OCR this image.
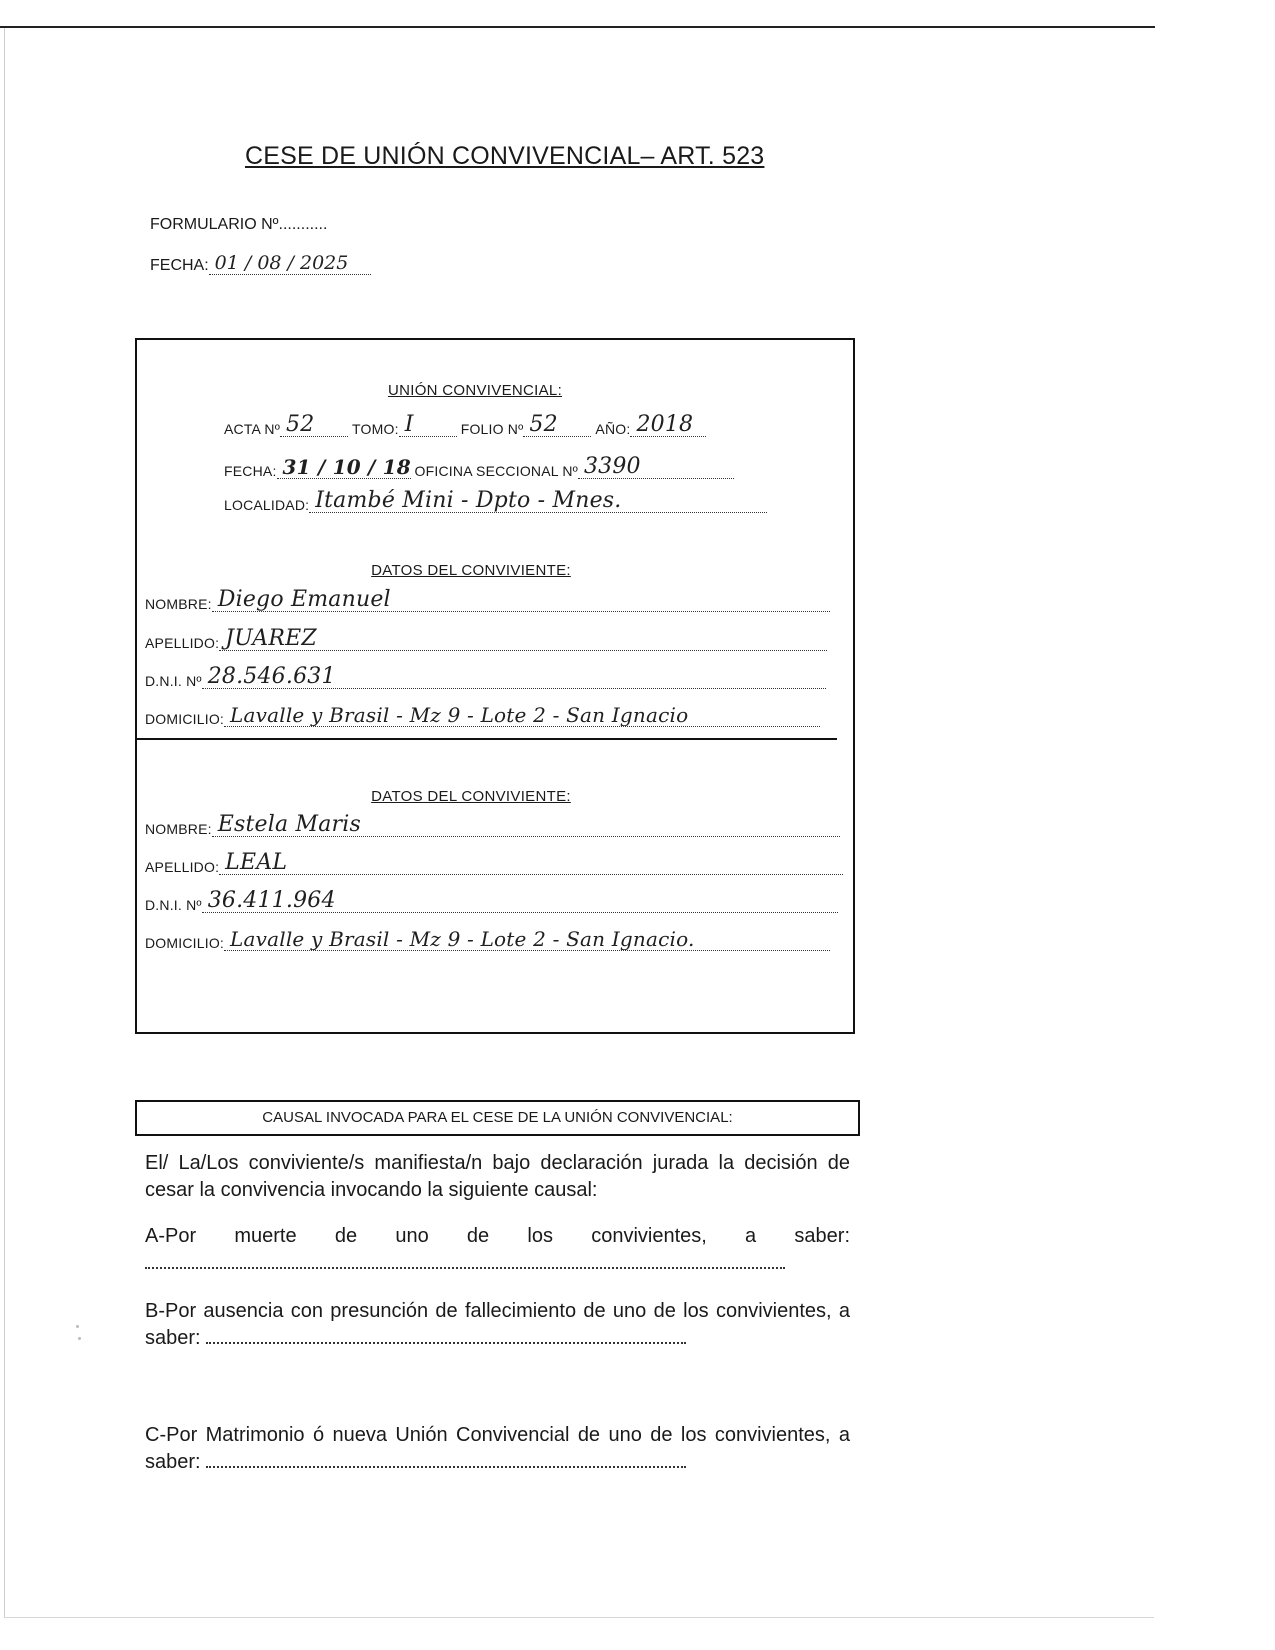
CESE DE UNIÓN CONVIVENCIAL– ART. 523
FORMULARIO Nº...........
FECHA: 01 / 08 / 2025
UNIÓN CONVIVENCIAL:
ACTA Nº 52	TOMO: I	FOLIO Nº 52	AÑO: 2018
FECHA: 31 / 10 / 18 OFICINA SECCIONAL Nº 3390
LOCALIDAD: Itambé Mini - Dpto - Mnes.
DATOS DEL CONVIVIENTE:
NOMBRE: Diego Emanuel
APELLIDO: JUAREZ
D.N.I. Nº 28.546.631
DOMICILIO: Lavalle y Brasil - Mz 9 - Lote 2 - San Ignacio
DATOS DEL CONVIVIENTE:
NOMBRE: Estela Maris
APELLIDO: LEAL
D.N.I. Nº 36.411.964
DOMICILIO: Lavalle y Brasil - Mz 9 - Lote 2 - San Ignacio.
CAUSAL INVOCADA PARA EL CESE DE LA UNIÓN CONVIVENCIAL:
El/ La/Los conviviente/s manifiesta/n bajo declaración jurada la decisión de cesar la convivencia invocando la siguiente causal:
A-Por muerte de uno de los convivientes, a saber:
B-Por ausencia con presunción de fallecimiento de uno de los convivientes, a saber:
C-Por Matrimonio ó nueva Unión Convivencial de uno de los convivientes, a saber:
